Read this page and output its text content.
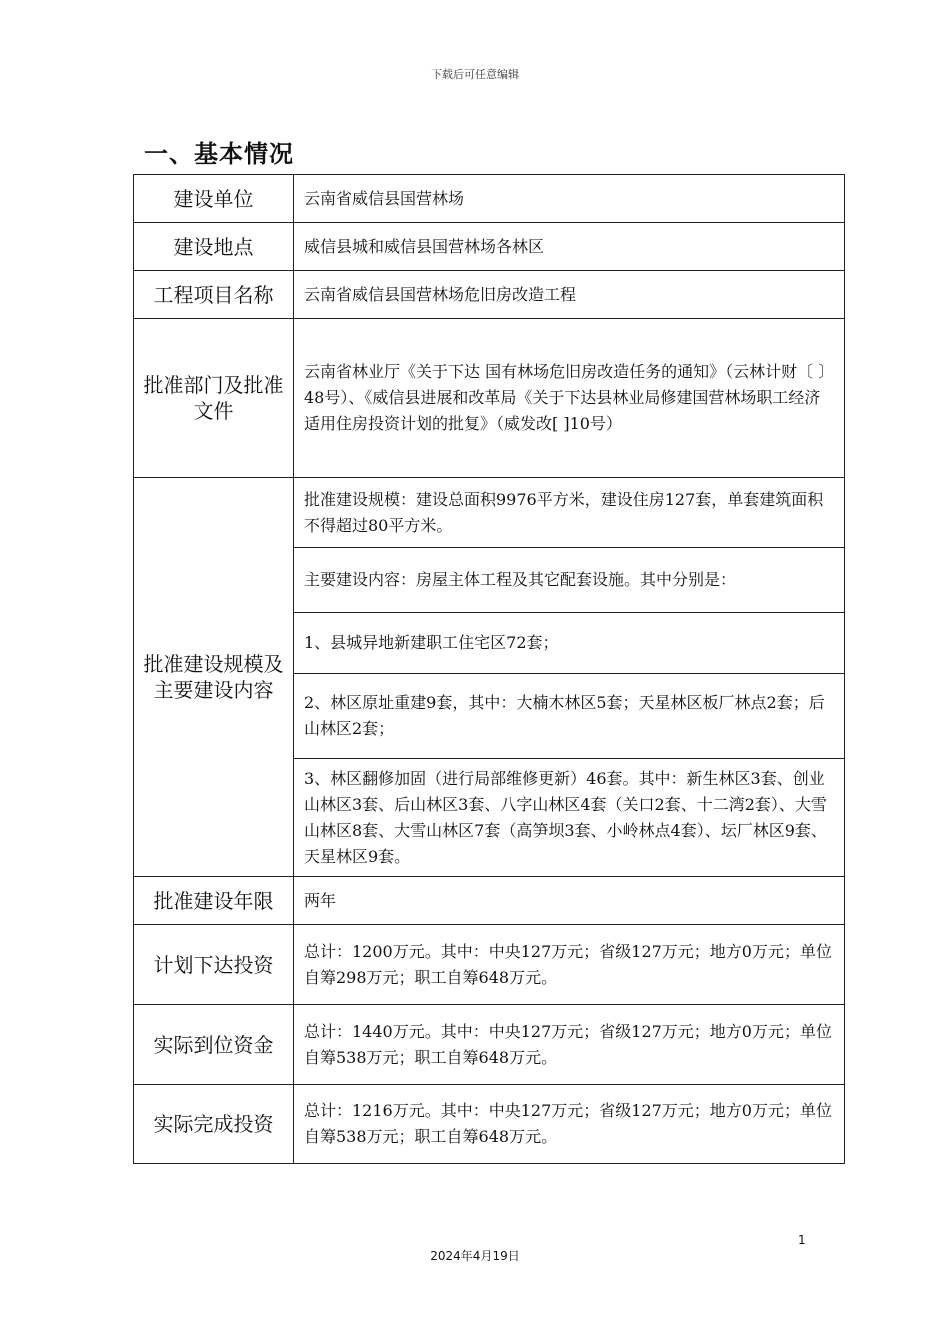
下载后可任意编辑
一、基本情况
建设单位	云南省威信县国营林场
建设地点	威信县城和威信县国营林场各林区
工程项目名称	云南省威信县国营林场危旧房改造工程
批准部门及批准文件	云南省林业厅《关于下达 国有林场危旧房改造任务的通知》（云林计财〔 〕48号）、《威信县进展和改革局《关于下达县林业局修建国营林场职工经济适用住房投资计划的批复》（威发改[ ]10号）
批准建设规模及主要建设内容	批准建设规模：建设总面积9976平方米，建设住房127套，单套建筑面积不得超过80平方米。
	主要建设内容：房屋主体工程及其它配套设施。其中分别是：
	1、县城异地新建职工住宅区72套；
	2、林区原址重建9套，其中：大楠木林区5套；天星林区板厂林点2套；后山林区2套；
	3、林区翻修加固（进行局部维修更新）46套。其中：新生林区3套、创业山林区3套、后山林区3套、八字山林区4套（关口2套、十二湾2套）、大雪山林区8套、大雪山林区7套（高笋坝3套、小岭林点4套）、坛厂林区9套、天星林区9套。
批准建设年限	两年
计划下达投资	总计：1200万元。其中：中央127万元；省级127万元；地方0万元；单位自筹298万元；职工自筹648万元。
实际到位资金	总计：1440万元。其中：中央127万元；省级127万元；地方0万元；单位自筹538万元；职工自筹648万元。
实际完成投资	总计：1216万元。其中：中央127万元；省级127万元；地方0万元；单位自筹538万元；职工自筹648万元。
1
2024年4月19日
